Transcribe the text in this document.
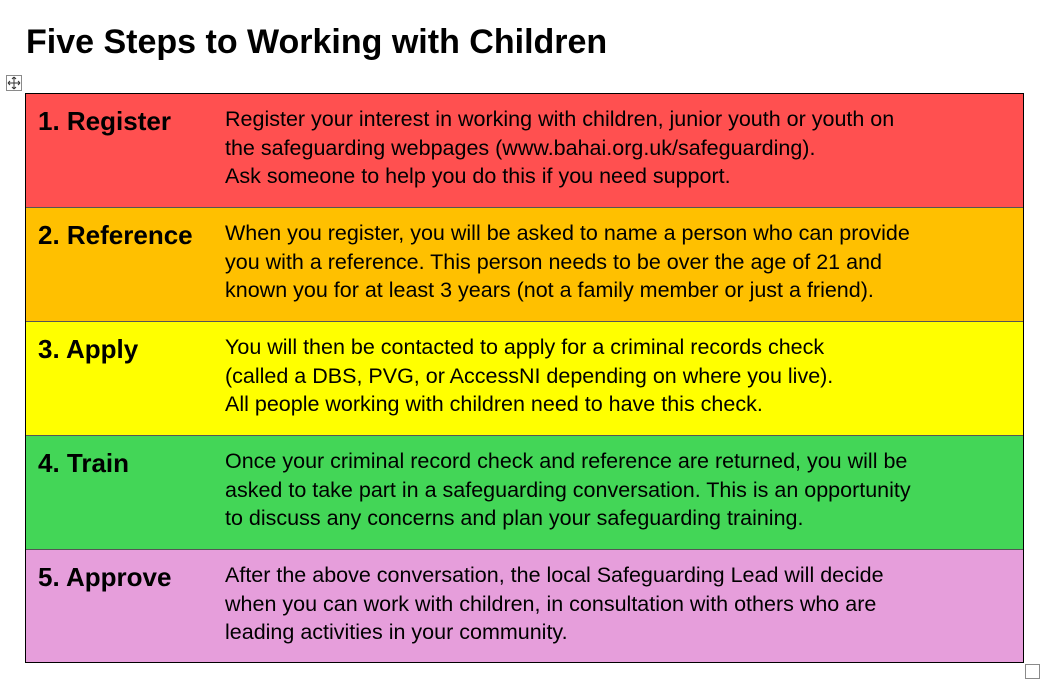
Five Steps to Working with Children
1. Register	Register your interest in working with children, junior youth or youth on
the safeguarding webpages (www.bahai.org.uk/safeguarding).
Ask someone to help you do this if you need support.
2. Reference When you register, you will be asked to name a person who can provide
you with a reference. This person needs to be over the age of 21 and
known you for at least 3 years (not a family member or just a friend).
3. Apply	You will then be contacted to apply for a criminal records check
(called a DBS, PVG, or AccessNI depending on where you live).
All people working with children need to have this check.
4. Train	Once your criminal record check and reference are returned, you will be
asked to take part in a safeguarding conversation. This is an opportunity
to discuss any concerns and plan your safeguarding training.
5. Approve After the above conversation, the local Safeguarding Lead will decide
when you can work with children, in consultation with others who are
leading activities in your community.
